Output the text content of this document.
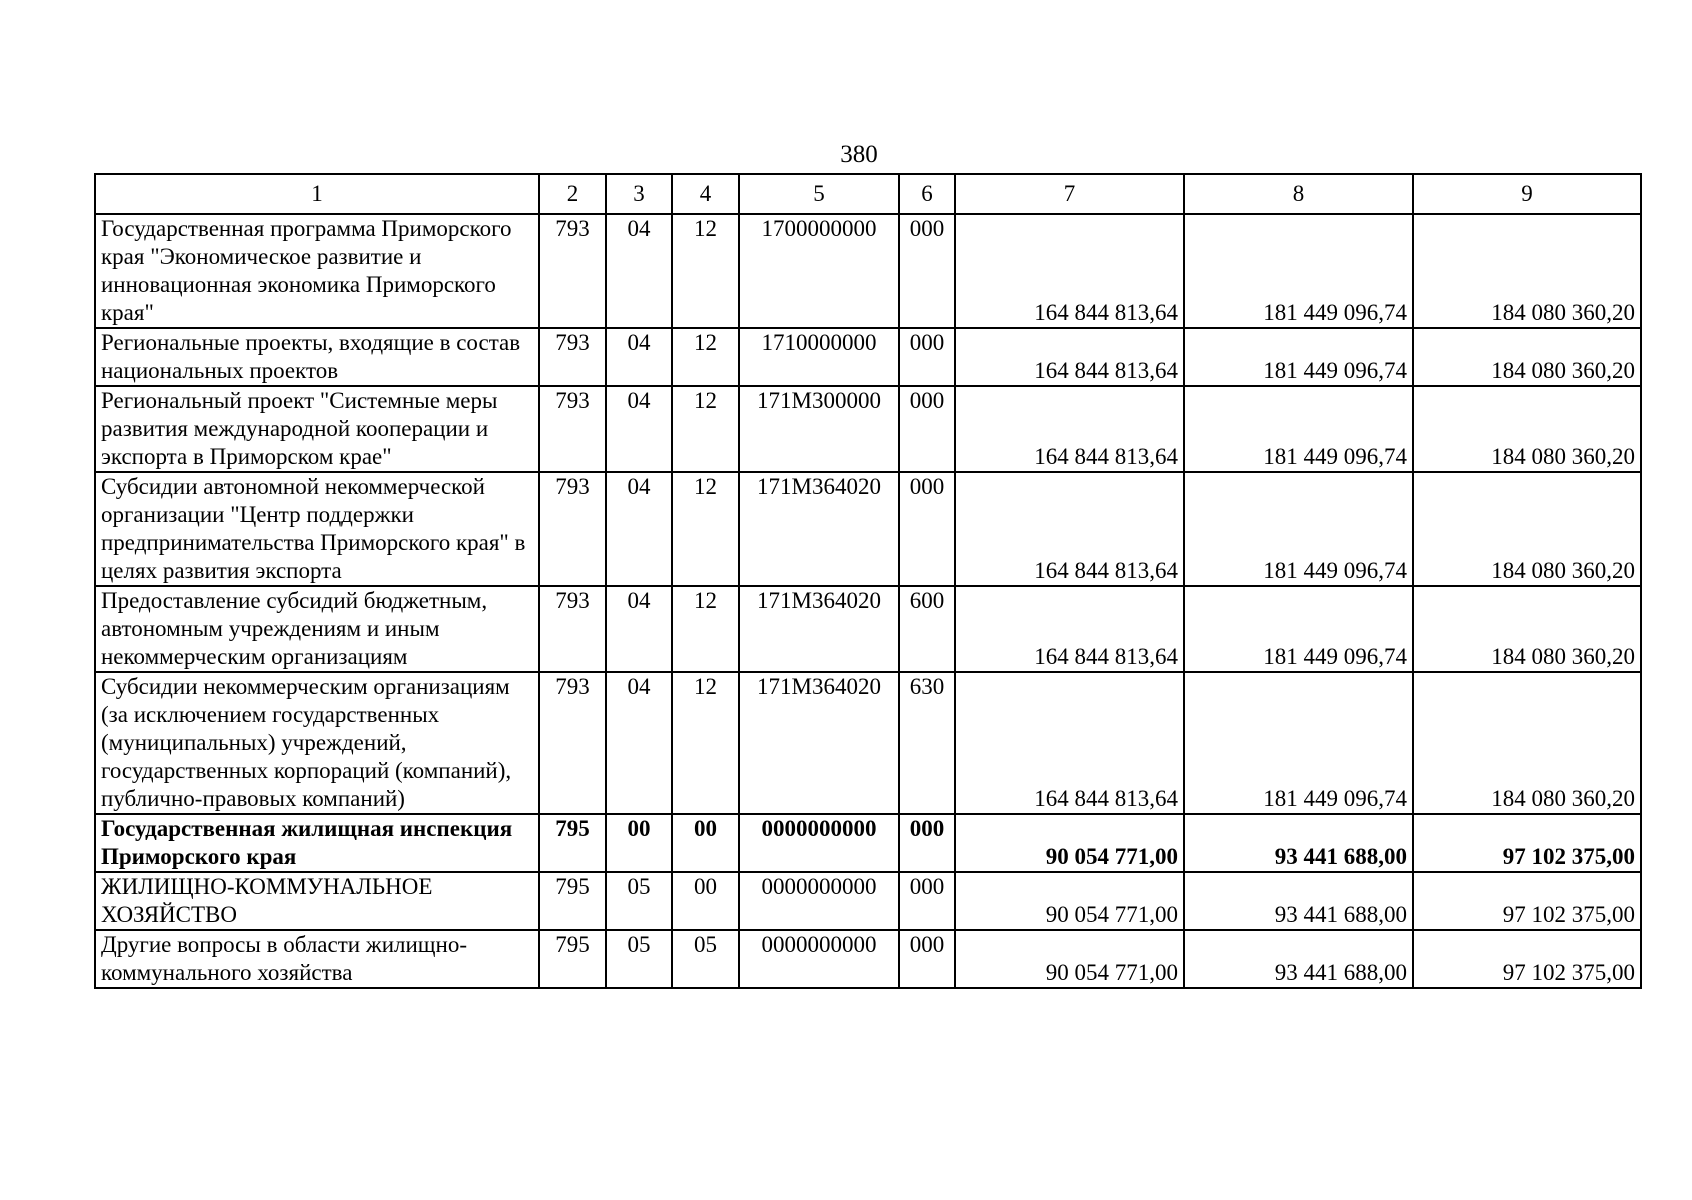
380
1	2	3	4	5	6	7	8	9
Государственная программа Приморского края "Экономическое развитие и инновационная экономика Приморского края"	793	04	12	1700000000	000	164 844 813,64	181 449 096,74	184 080 360,20
Региональные проекты, входящие в состав национальных проектов	793	04	12	1710000000	000	164 844 813,64	181 449 096,74	184 080 360,20
Региональный проект "Системные меры развития международной кооперации и экспорта в Приморском крае"	793	04	12	171M300000	000	164 844 813,64	181 449 096,74	184 080 360,20
Субсидии автономной некоммерческой организации "Центр поддержки предпринимательства Приморского края" в целях развития экспорта	793	04	12	171M364020	000	164 844 813,64	181 449 096,74	184 080 360,20
Предоставление субсидий бюджетным, автономным учреждениям и иным некоммерческим организациям	793	04	12	171M364020	600	164 844 813,64	181 449 096,74	184 080 360,20
Субсидии некоммерческим организациям (за исключением государственных (муниципальных) учреждений, государственных корпораций (компаний), публично-правовых компаний)	793	04	12	171M364020	630	164 844 813,64	181 449 096,74	184 080 360,20
Государственная жилищная инспекция Приморского края	795	00	00	0000000000	000	90 054 771,00	93 441 688,00	97 102 375,00
ЖИЛИЩНО-КОММУНАЛЬНОЕ ХОЗЯЙСТВО	795	05	00	0000000000	000	90 054 771,00	93 441 688,00	97 102 375,00
Другие вопросы в области жилищно-коммунального хозяйства	795	05	05	0000000000	000	90 054 771,00	93 441 688,00	97 102 375,00
